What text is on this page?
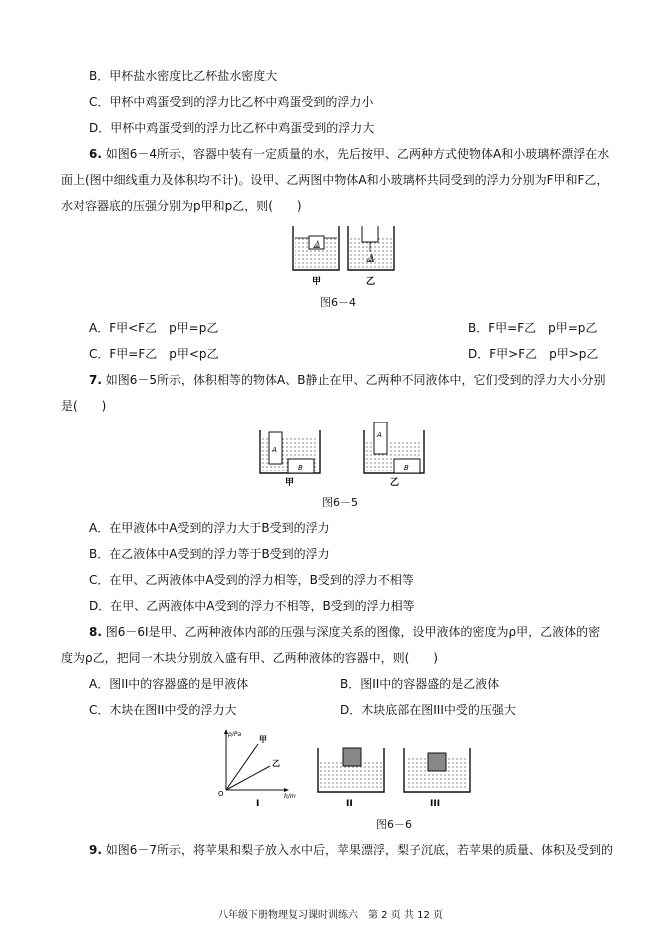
B．甲杯盐水密度比乙杯盐水密度大
C．甲杯中鸡蛋受到的浮力比乙杯中鸡蛋受到的浮力小
D．甲杯中鸡蛋受到的浮力比乙杯中鸡蛋受到的浮力大
6. 如图6－4所示，容器中装有一定质量的水，先后按甲、乙两种方式使物体A和小玻璃杯漂浮在水
面上(图中细线重力及体积均不计)。设甲、乙两图中物体A和小玻璃杯共同受到的浮力分别为F甲和F乙，
水对容器底的压强分别为p甲和p乙，则(　　)
A
A
甲	乙
图6－4
A．F甲<F乙　p甲=p乙	B．F甲=F乙　p甲=p乙
C．F甲=F乙　p甲<p乙	D．F甲>F乙　p甲>p乙
7. 如图6－5所示，体积相等的物体A、B静止在甲、乙两种不同液体中，它们受到的浮力大小分别
是(　　)
A
B
A
B
甲	乙
图6－5
A．在甲液体中A受到的浮力大于B受到的浮力
B．在乙液体中A受到的浮力等于B受到的浮力
C．在甲、乙两液体中A受到的浮力相等，B受到的浮力不相等
D．在甲、乙两液体中A受到的浮力不相等，B受到的浮力相等
8. 图6－6Ⅰ是甲、乙两种液体内部的压强与深度关系的图像，设甲液体的密度为ρ甲，乙液体的密
度为ρ乙，把同一木块分别放入盛有甲、乙两种液体的容器中，则(　　)
A．图II中的容器盛的是甲液体	B．图II中的容器盛的是乙液体
C．木块在图II中受的浮力大	D．木块底部在图III中受的压强大
p/Pa
h/m
O
甲
乙
I	II	III
图6－6
9. 如图6－7所示，将苹果和梨子放入水中后，苹果漂浮，梨子沉底，若苹果的质量、体积及受到的
八年级下册物理复习课时训练六　第 2 页 共 12 页
